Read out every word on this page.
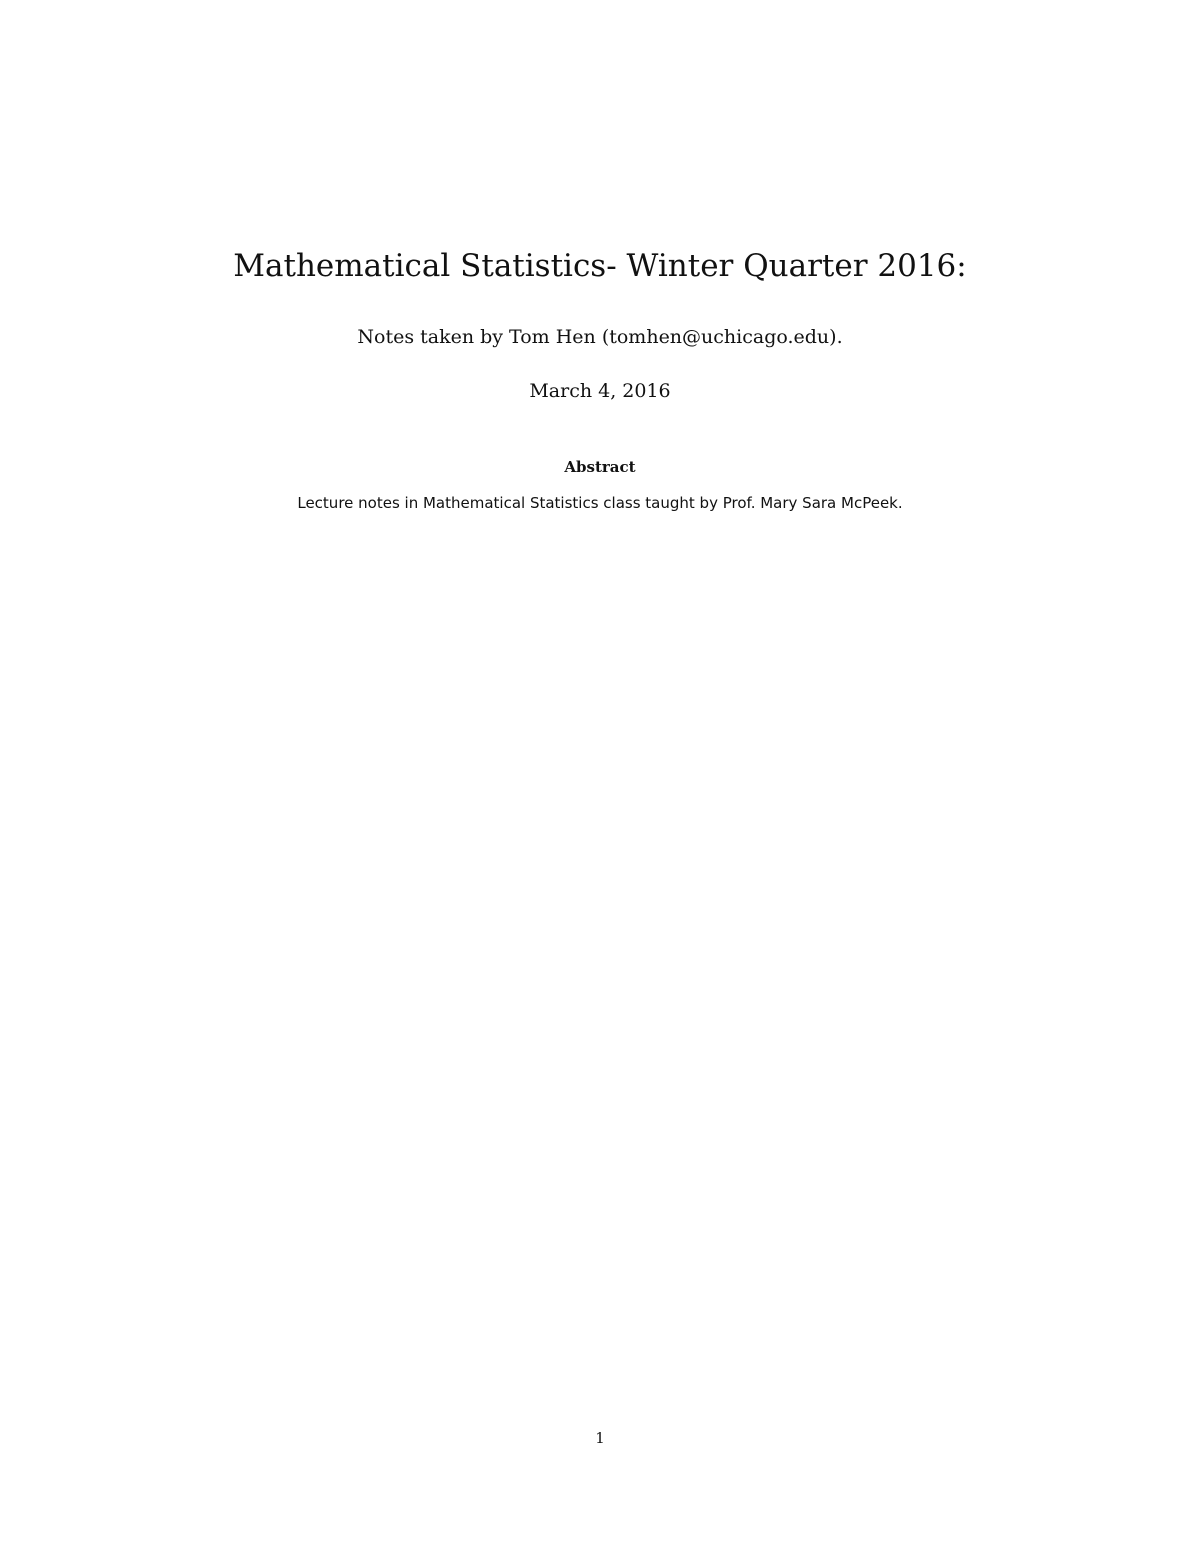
Mathematical Statistics- Winter Quarter 2016:
Notes taken by Tom Hen (tomhen@uchicago.edu).
March 4, 2016
Abstract
Lecture notes in Mathematical Statistics class taught by Prof. Mary Sara McPeek.
1
